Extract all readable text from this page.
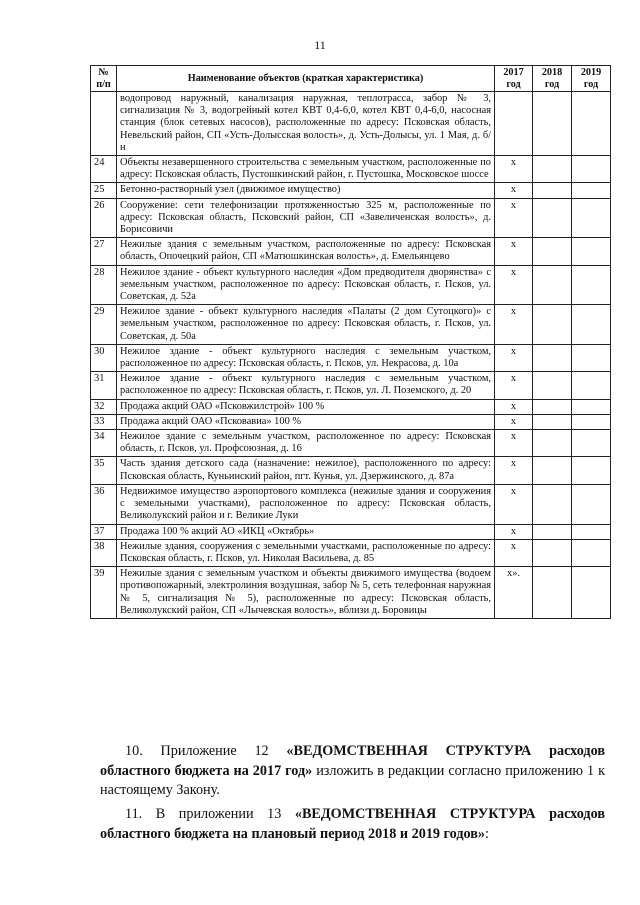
11
№ п/п	Наименование объектов (краткая характеристика)	2017 год	2018 год	2019 год
	водопровод наружный, канализация наружная, теплотрасса, забор № 3, сигнализация № 3, водогрейный котел КВТ 0,4-6,0, котел КВТ 0,4-6,0, насосная станция (блок сетевых насосов), расположенные по адресу: Псковская область, Невельский район, СП «Усть-Долысская волость», д. Усть-Долысы, ул. 1 Мая, д. б/н			
24	Объекты незавершенного строительства с земельным участком, расположенные по адресу: Псковская область, Пустошкинский район, г. Пустошка, Московское шоссе	x		
25	Бетонно-растворный узел (движимое имущество)	x		
26	Сооружение: сети телефонизации протяженностью 325 м, расположенные по адресу: Псковская область, Псковский район, СП «Завеличенская волость», д. Борисовичи	x		
27	Нежилые здания с земельным участком, расположенные по адресу: Псковская область, Опочецкий район, СП «Матюшкинская волость», д. Емельянцево	x		
28	Нежилое здание - объект культурного наследия «Дом предводителя дворянства» с земельным участком, расположенное по адресу: Псковская область, г. Псков, ул. Советская, д. 52а	x		
29	Нежилое здание - объект культурного наследия «Палаты (2 дом Сутоцкого)» с земельным участком, расположенное по адресу: Псковская область, г. Псков, ул. Советская, д. 50а	x		
30	Нежилое здание - объект культурного наследия с земельным участком, расположенное по адресу: Псковская область, г. Псков, ул. Некрасова, д. 10а	x		
31	Нежилое здание - объект культурного наследия с земельным участком, расположенное по адресу: Псковская область, г. Псков, ул. Л. Поземского, д. 20	x		
32	Продажа акций ОАО «Псковжилстрой» 100 %	x		
33	Продажа акций ОАО «Псковавиа» 100 %	x		
34	Нежилое здание с земельным участком, расположенное по адресу: Псковская область, г. Псков, ул. Профсоюзная, д. 16	x		
35	Часть здания детского сада (назначение: нежилое), расположенного по адресу: Псковская область, Куньинский район, пгт. Кунья, ул. Дзержинского, д. 87а	x		
36	Недвижимое имущество аэропортового комплекса (нежилые здания и сооружения с земельными участками), расположенное по адресу: Псковская область, Великолукский район и г. Великие Луки	x		
37	Продажа 100 % акций АО «ИКЦ «Октябрь»	x		
38	Нежилые здания, сооружения с земельными участками, расположенные по адресу: Псковская область, г. Псков, ул. Николая Васильева, д. 85	x		
39	Нежилые здания с земельным участком и объекты движимого имущества (водоем противопожарный, электролиния воздушная, забор № 5, сеть телефонная наружная № 5, сигнализация № 5), расположенные по адресу: Псковская область, Великолукский район, СП «Лычевская волость», вблизи д. Боровицы	x».		
10. Приложение 12 «ВЕДОМСТВЕННАЯ СТРУКТУРА расходов областного бюджета на 2017 год» изложить в редакции согласно приложению 1 к настоящему Закону.
11. В приложении 13 «ВЕДОМСТВЕННАЯ СТРУКТУРА расходов областного бюджета на плановый период 2018 и 2019 годов»:
